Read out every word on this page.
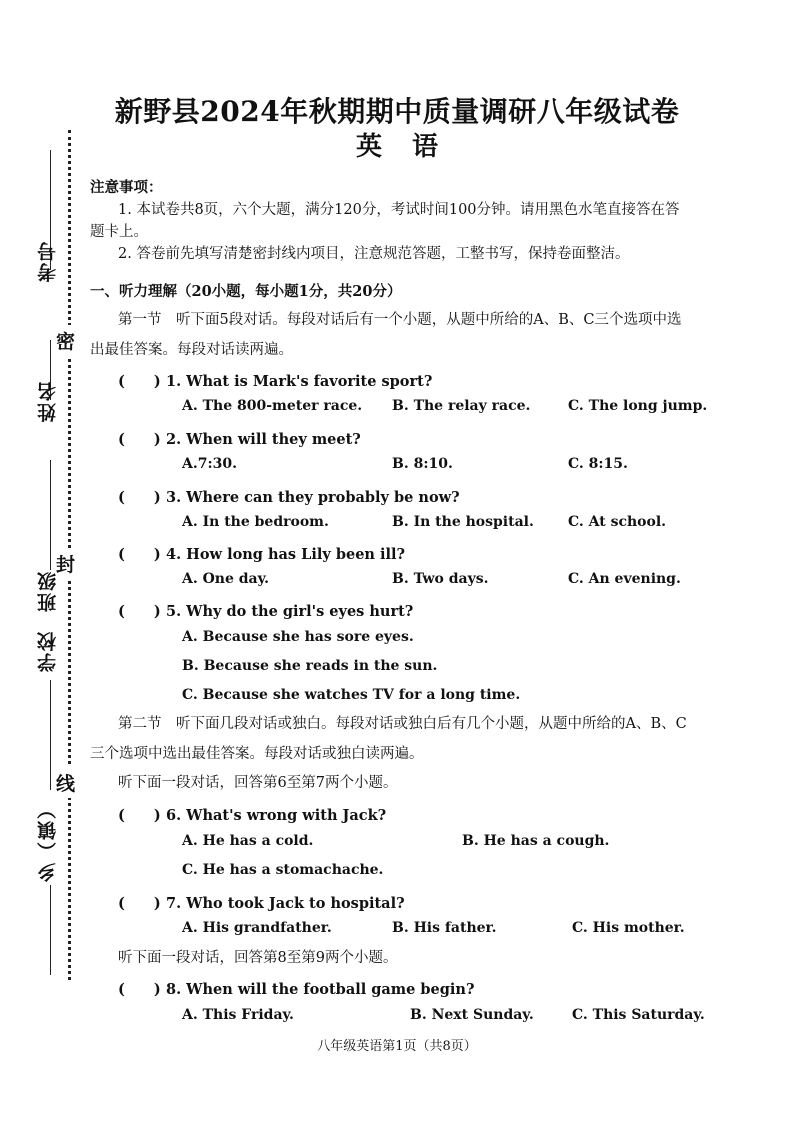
考号
密
姓名
封
班级
学校
线
乡（镇）
新野县2024年秋期期中质量调研八年级试卷
英语
注意事项：
1. 本试卷共8页，六个大题，满分120分，考试时间100分钟。请用黑色水笔直接答在答
题卡上。
2. 答卷前先填写清楚密封线内项目，注意规范答题，工整书写，保持卷面整洁。
一、听力理解（20小题，每小题1分，共20分）
第一节　听下面5段对话。每段对话后有一个小题，从题中所给的A、B、C三个选项中选
出最佳答案。每段对话读两遍。
(　　) 1. What is Mark's favorite sport?
A. The 800-meter race. B. The relay race.	C. The long jump.
(　　) 2. When will they meet?
A.7:30.	B. 8:10.	C. 8:15.
(　　) 3. Where can they probably be now?
A. In the bedroom.	B. In the hospital. C. At school.
(　　) 4. How long has Lily been ill?
A. One day.	B. Two days.	C. An evening.
(　　) 5. Why do the girl's eyes hurt?
A. Because she has sore eyes.
B. Because she reads in the sun.
C. Because she watches TV for a long time.
第二节　听下面几段对话或独白。每段对话或独白后有几个小题，从题中所给的A、B、C
三个选项中选出最佳答案。每段对话或独白读两遍。
听下面一段对话，回答第6至第7两个小题。
(　　) 6. What's wrong with Jack?
A. He has a cold.	B. He has a cough.
C. He has a stomachache.
(　　) 7. Who took Jack to hospital?
A. His grandfather.	B. His father.	C. His mother.
听下面一段对话，回答第8至第9两个小题。
(　　) 8. When will the football game begin?
A. This Friday.	B. Next Sunday.	C. This Saturday.
八年级英语第1页（共8页）
